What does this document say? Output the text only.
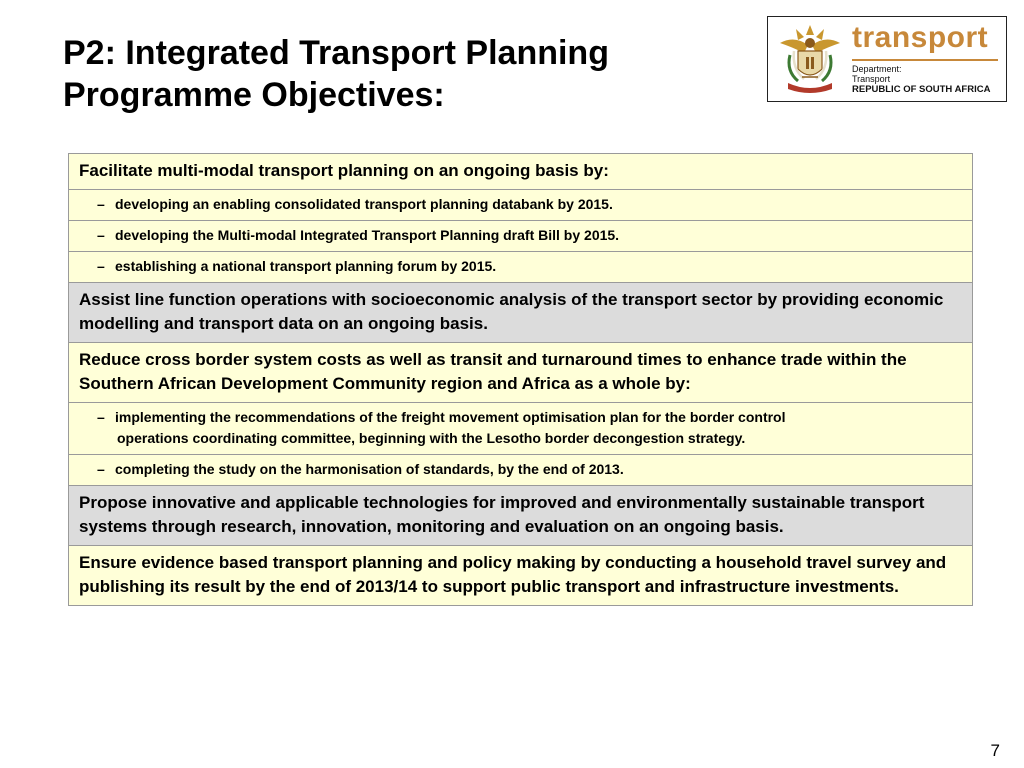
P2: Integrated Transport Planning
Programme Objectives:
transport
Department:
Transport
REPUBLIC OF SOUTH AFRICA
Facilitate multi-modal transport planning on an ongoing basis by:
– developing an enabling consolidated transport planning databank by 2015.
– developing the Multi-modal Integrated Transport Planning draft Bill by 2015.
– establishing a national transport planning forum by 2015.
Assist line function operations with socioeconomic analysis of the transport sector by providing economic modelling and transport data on an ongoing basis.
Reduce cross border system costs as well as transit and turnaround times to enhance trade within the Southern African Development Community region and Africa as a whole by:
– implementing the recommendations of the freight movement optimisation plan for the border control
operations coordinating committee, beginning with the Lesotho border decongestion strategy.
– completing the study on the harmonisation of standards, by the end of 2013.
Propose innovative and applicable technologies for improved and environmentally sustainable transport systems through research, innovation, monitoring and evaluation on an ongoing basis.
Ensure evidence based transport planning and policy making by conducting a household travel survey and publishing its result by the end of 2013/14 to support public transport and infrastructure investments.
7
